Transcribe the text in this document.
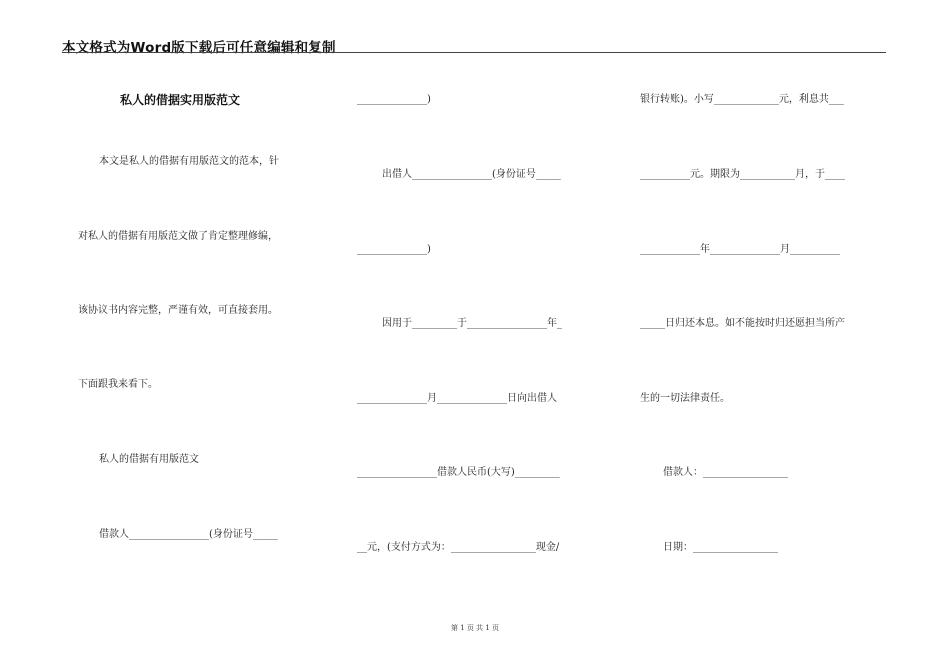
本文格式为Word版下载后可任意编辑和复制
私人的借据实用版范文
本文是私人的借据有用版范文的范本，针
对私人的借据有用版范文做了肯定整理修编，
该协议书内容完整，严谨有效，可直接套用。
下面跟我来看下。
私人的借据有用版范文
借款人________________(身份证号_____
______________)
出借人________________(身份证号_____
______________)
因用于_________于________________年_
______________月______________日向出借人
________________借款人民币(大写)_________
__元，(支付方式为：_________________现金/
银行转账)。小写_____________元，利息共___
__________元。期限为___________月，于____
____________年______________月__________
_____日归还本息。如不能按时归还愿担当所产
生的一切法律责任。
借款人：_________________
日期：_________________
第 1 页 共 1 页
